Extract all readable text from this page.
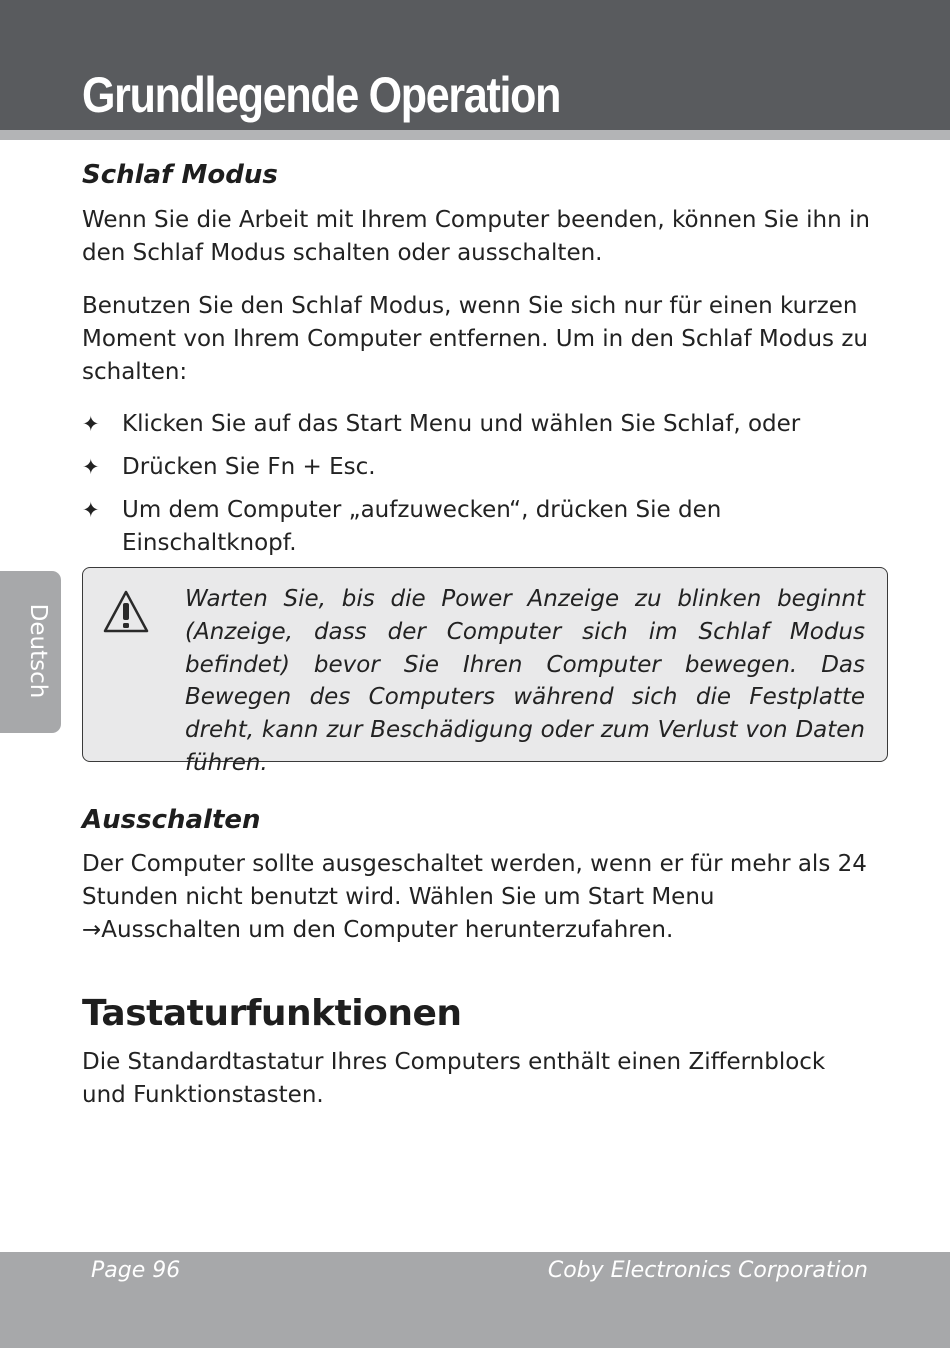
Grundlegende Operation
Deutsch
Schlaf Modus

Wenn Sie die Arbeit mit Ihrem Computer beenden, können Sie ihn in den Schlaf Modus schalten oder ausschalten.

Benutzen Sie den Schlaf Modus, wenn Sie sich nur für einen kurzen Moment von Ihrem Computer entfernen. Um in den Schlaf Modus zu schalten:

✦ Klicken Sie auf das Start Menu und wählen Sie Schlaf, oder
✦ Drücken Sie Fn + Esc.
✦ Um dem Computer „aufzuwecken“, drücken Sie den Einschaltknopf.

Warten Sie, bis die Power Anzeige zu blinken beginnt (Anzeige, dass der Computer sich im Schlaf Modus befindet) bevor Sie Ihren Computer bewegen. Das Bewegen des Computers während sich die Festplatte dreht, kann zur Beschädigung oder zum Verlust von Daten führen.

Ausschalten

Der Computer sollte ausgeschaltet werden, wenn er für mehr als 24 Stunden nicht benutzt wird. Wählen Sie um Start Menu →Ausschalten um den Computer herunterzufahren.

Tastaturfunktionen

Die Standardtastatur Ihres Computers enthält einen Ziffernblock und Funktionstasten.

Page 96	Coby Electronics Corporation
